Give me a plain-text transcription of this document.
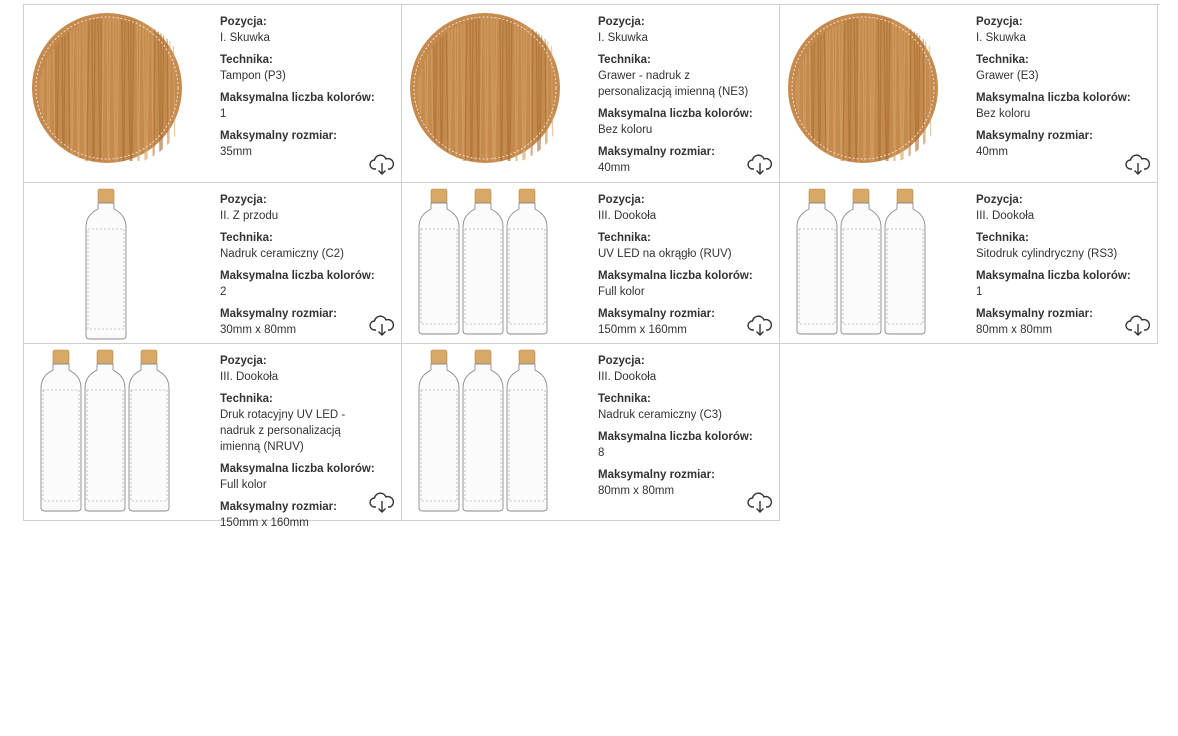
Pozycja:
I. Skuwka
Technika:
Tampon (P3)
Maksymalna liczba kolorów:
1
Maksymalny rozmiar:
35mm
Pozycja:
I. Skuwka
Technika:
Grawer - nadruk z personalizacją imienną (NE3)
Maksymalna liczba kolorów:
Bez koloru
Maksymalny rozmiar:
40mm
Pozycja:
I. Skuwka
Technika:
Grawer (E3)
Maksymalna liczba kolorów:
Bez koloru
Maksymalny rozmiar:
40mm
Pozycja:
II. Z przodu
Technika:
Nadruk ceramiczny (C2)
Maksymalna liczba kolorów:
2
Maksymalny rozmiar:
30mm x 80mm
Pozycja:
III. Dookoła
Technika:
UV LED na okrągło (RUV)
Maksymalna liczba kolorów:
Full kolor
Maksymalny rozmiar:
150mm x 160mm
Pozycja:
III. Dookoła
Technika:
Sitodruk cylindryczny (RS3)
Maksymalna liczba kolorów:
1
Maksymalny rozmiar:
80mm x 80mm
Pozycja:
III. Dookoła
Technika:
Druk rotacyjny UV LED - nadruk z personalizacją imienną (NRUV)
Maksymalna liczba kolorów:
Full kolor
Maksymalny rozmiar:
150mm x 160mm
Pozycja:
III. Dookoła
Technika:
Nadruk ceramiczny (C3)
Maksymalna liczba kolorów:
8
Maksymalny rozmiar:
80mm x 80mm
